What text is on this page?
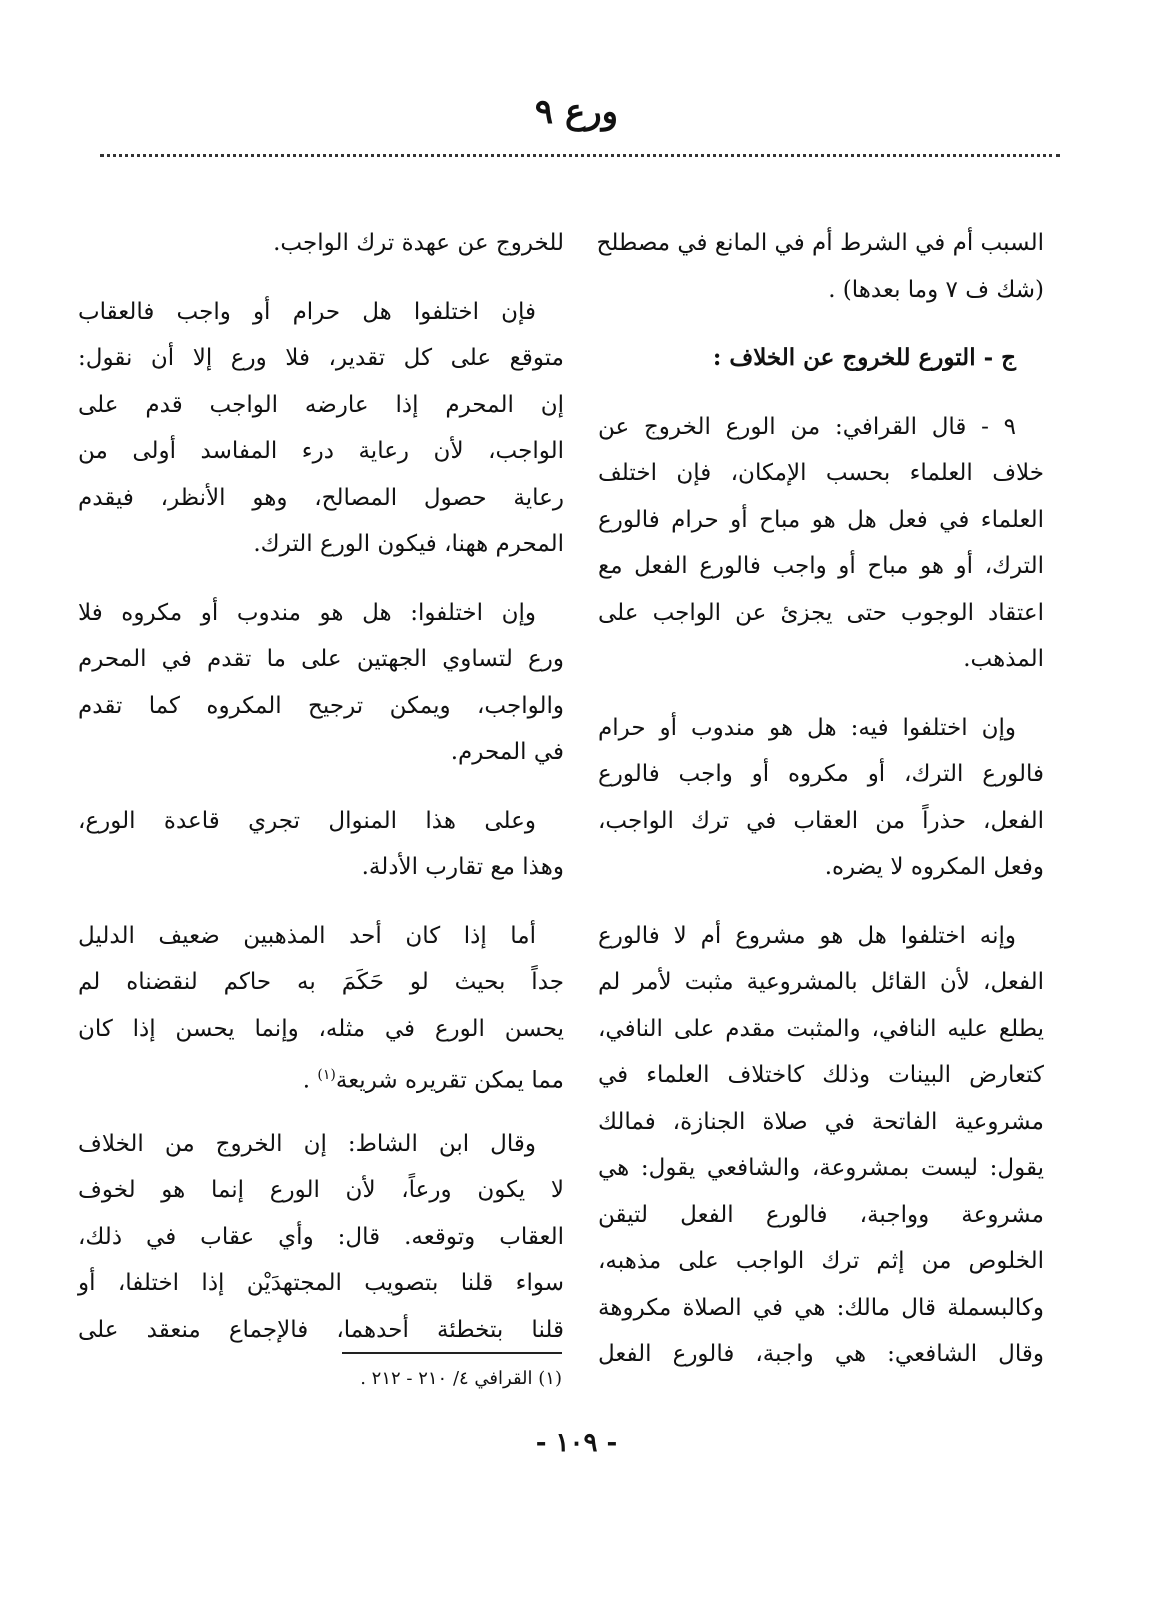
ورع ٩
السبب أم في الشرط أم في المانع في مصطلح
(شك ف ٧ وما بعدها) .
ج - التورع للخروج عن الخلاف :
٩ - قال القرافي: من الورع الخروج عن
خلاف العلماء بحسب الإمكان، فإن اختلف
العلماء في فعل هل هو مباح أو حرام فالورع
الترك، أو هو مباح أو واجب فالورع الفعل مع
اعتقاد الوجوب حتى يجزئ عن الواجب على
المذهب.
وإن اختلفوا فيه: هل هو مندوب أو حرام
فالورع الترك، أو مكروه أو واجب فالورع
الفعل، حذراً من العقاب في ترك الواجب،
وفعل المكروه لا يضره.
وإنه اختلفوا هل هو مشروع أم لا فالورع
الفعل، لأن القائل بالمشروعية مثبت لأمر لم
يطلع عليه النافي، والمثبت مقدم على النافي،
كتعارض البينات وذلك كاختلاف العلماء في
مشروعية الفاتحة في صلاة الجنازة، فمالك
يقول: ليست بمشروعة، والشافعي يقول: هي
مشروعة وواجبة، فالورع الفعل لتيقن
الخلوص من إثم ترك الواجب على مذهبه،
وكالبسملة قال مالك: هي في الصلاة مكروهة
وقال الشافعي: هي واجبة، فالورع الفعل
للخروج عن عهدة ترك الواجب.
فإن اختلفوا هل حرام أو واجب فالعقاب
متوقع على كل تقدير، فلا ورع إلا أن نقول:
إن المحرم إذا عارضه الواجب قدم على
الواجب، لأن رعاية درء المفاسد أولى من
رعاية حصول المصالح، وهو الأنظر، فيقدم
المحرم ههنا، فيكون الورع الترك.
وإن اختلفوا: هل هو مندوب أو مكروه فلا
ورع لتساوي الجهتين على ما تقدم في المحرم
والواجب، ويمكن ترجيح المكروه كما تقدم
في المحرم.
وعلى هذا المنوال تجري قاعدة الورع،
وهذا مع تقارب الأدلة.
أما إذا كان أحد المذهبين ضعيف الدليل
جداً بحيث لو حَكَمَ به حاكم لنقضناه لم
يحسن الورع في مثله، وإنما يحسن إذا كان
مما يمكن تقريره شريعة$^{(١)}$ .
وقال ابن الشاط: إن الخروج من الخلاف
لا يكون ورعاً، لأن الورع إنما هو لخوف
العقاب وتوقعه. قال: وأي عقاب في ذلك،
سواء قلنا بتصويب المجتهدَيْن إذا اختلفا، أو
قلنا بتخطئة أحدهما، فالإجماع منعقد على
(١) القرافي ٤/ ٢١٠ - ٢١٢ .
- ١٠٩ -
